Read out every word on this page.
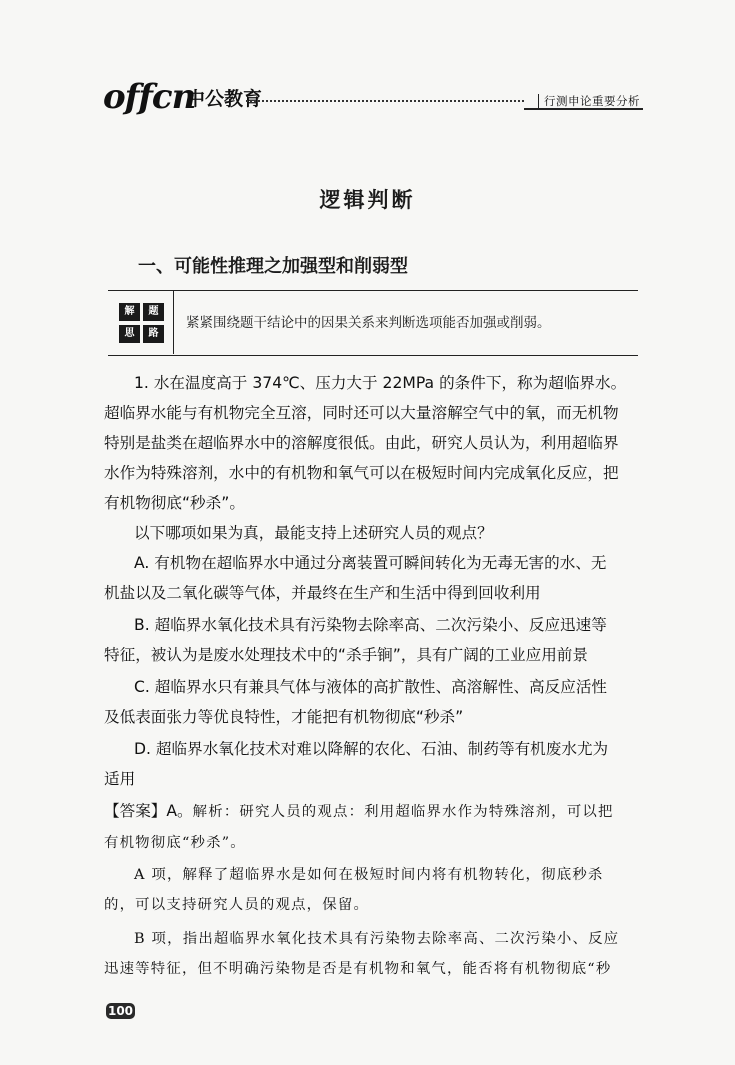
offcn
中公教育	行测申论重要分析
逻辑判断
一、可能性推理之加强型和削弱型
解	题
思	路
紧紧围绕题干结论中的因果关系来判断选项能否加强或削弱。
1. 水在温度高于 374℃、压力大于 22MPa 的条件下，称为超临界水。
超临界水能与有机物完全互溶，同时还可以大量溶解空气中的氧，而无机物
特别是盐类在超临界水中的溶解度很低。由此，研究人员认为，利用超临界
水作为特殊溶剂，水中的有机物和氧气可以在极短时间内完成氧化反应，把
有机物彻底“秒杀”。
以下哪项如果为真，最能支持上述研究人员的观点？
A. 有机物在超临界水中通过分离装置可瞬间转化为无毒无害的水、无
机盐以及二氧化碳等气体，并最终在生产和生活中得到回收利用
B. 超临界水氧化技术具有污染物去除率高、二次污染小、反应迅速等
特征，被认为是废水处理技术中的“杀手锏”，具有广阔的工业应用前景
C. 超临界水只有兼具气体与液体的高扩散性、高溶解性、高反应活性
及低表面张力等优良特性，才能把有机物彻底“秒杀”
D. 超临界水氧化技术对难以降解的农化、石油、制药等有机废水尤为
适用
【答案】A。解析：研究人员的观点：利用超临界水作为特殊溶剂，可以把
有机物彻底“秒杀”。
A 项，解释了超临界水是如何在极短时间内将有机物转化，彻底秒杀
的，可以支持研究人员的观点，保留。
B 项，指出超临界水氧化技术具有污染物去除率高、二次污染小、反应
迅速等特征，但不明确污染物是否是有机物和氧气，能否将有机物彻底“秒
100
